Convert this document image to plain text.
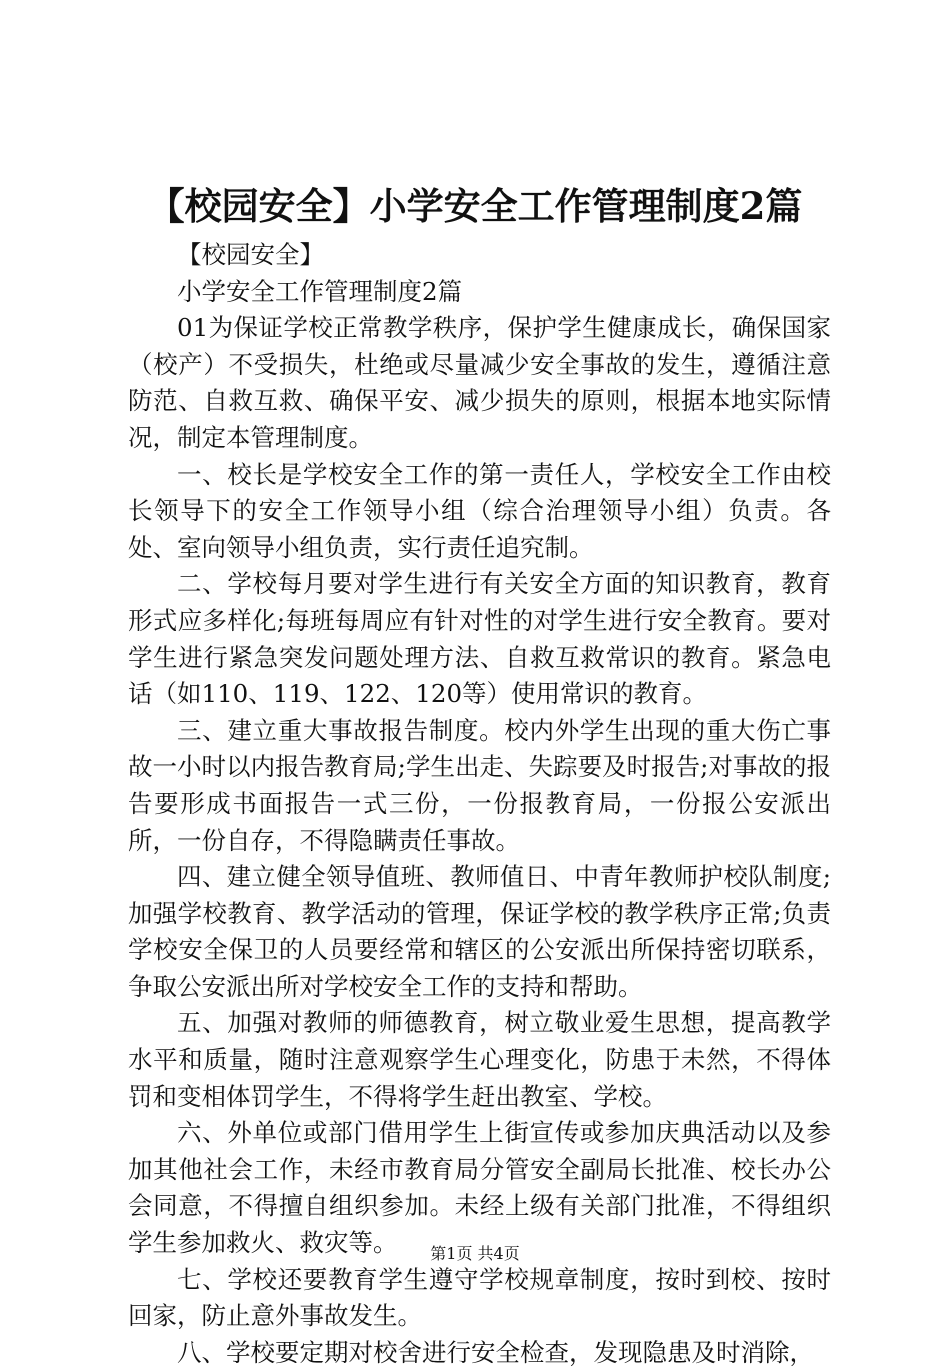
【校园安全】小学安全工作管理制度2篇

【校园安全】

小学安全工作管理制度2篇

01为保证学校正常教学秩序，保护学生健康成长，确保国家（校产）不受损失，杜绝或尽量减少安全事故的发生，遵循注意防范、自救互救、确保平安、减少损失的原则，根据本地实际情况，制定本管理制度。

一、校长是学校安全工作的第一责任人，学校安全工作由校长领导下的安全工作领导小组（综合治理领导小组）负责。各处、室向领导小组负责，实行责任追究制。

二、学校每月要对学生进行有关安全方面的知识教育，教育形式应多样化;每班每周应有针对性的对学生进行安全教育。要对学生进行紧急突发问题处理方法、自救互救常识的教育。紧急电话（如110、119、122、120等）使用常识的教育。

三、建立重大事故报告制度。校内外学生出现的重大伤亡事故一小时以内报告教育局;学生出走、失踪要及时报告;对事故的报告要形成书面报告一式三份，一份报教育局，一份报公安派出所，一份自存，不得隐瞒责任事故。

四、建立健全领导值班、教师值日、中青年教师护校队制度;加强学校教育、教学活动的管理，保证学校的教学秩序正常;负责学校安全保卫的人员要经常和辖区的公安派出所保持密切联系，争取公安派出所对学校安全工作的支持和帮助。

五、加强对教师的师德教育，树立敬业爱生思想，提高教学水平和质量，随时注意观察学生心理变化，防患于未然，不得体罚和变相体罚学生，不得将学生赶出教室、学校。

六、外单位或部门借用学生上街宣传或参加庆典活动以及参加其他社会工作，未经市教育局分管安全副局长批准、校长办公会同意，不得擅自组织参加。未经上级有关部门批准，不得组织学生参加救火、救灾等。

七、学校还要教育学生遵守学校规章制度，按时到校、按时回家，防止意外事故发生。

八、学校要定期对校舍进行安全检查，发现隐患及时消除，

第1页 共4页
